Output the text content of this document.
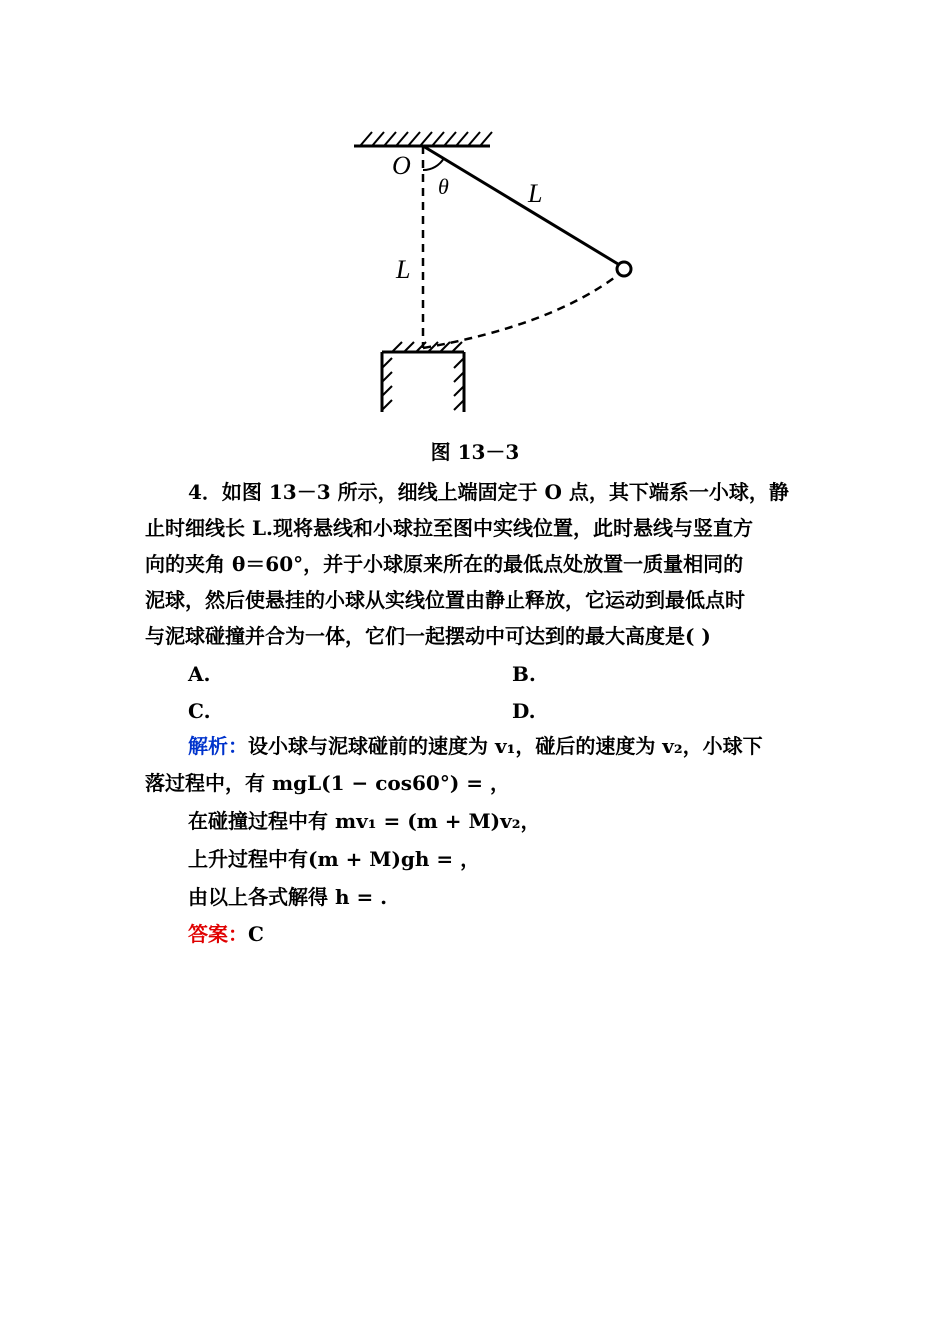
O
θ	L
L
图 13－3
4．如图 13－3 所示，细线上端固定于 O 点，其下端系一小球，静
止时细线长 L.现将悬线和小球拉至图中实线位置，此时悬线与竖直方
向的夹角 θ＝60°，并于小球原来所在的最低点处放置一质量相同的
泥球，然后使悬挂的小球从实线位置由静止释放，它运动到最低点时
与泥球碰撞并合为一体，它们一起摆动中可达到的最大高度是( )
A.	B.
C.	D.
解析：设小球与泥球碰前的速度为 v₁，碰后的速度为 v₂，小球下
落过程中，有 mgL(1 − cos60°) = ，
在碰撞过程中有 mv₁ = (m + M)v₂，
上升过程中有(m + M)gh = ，
由以上各式解得 h = .
答案：C
